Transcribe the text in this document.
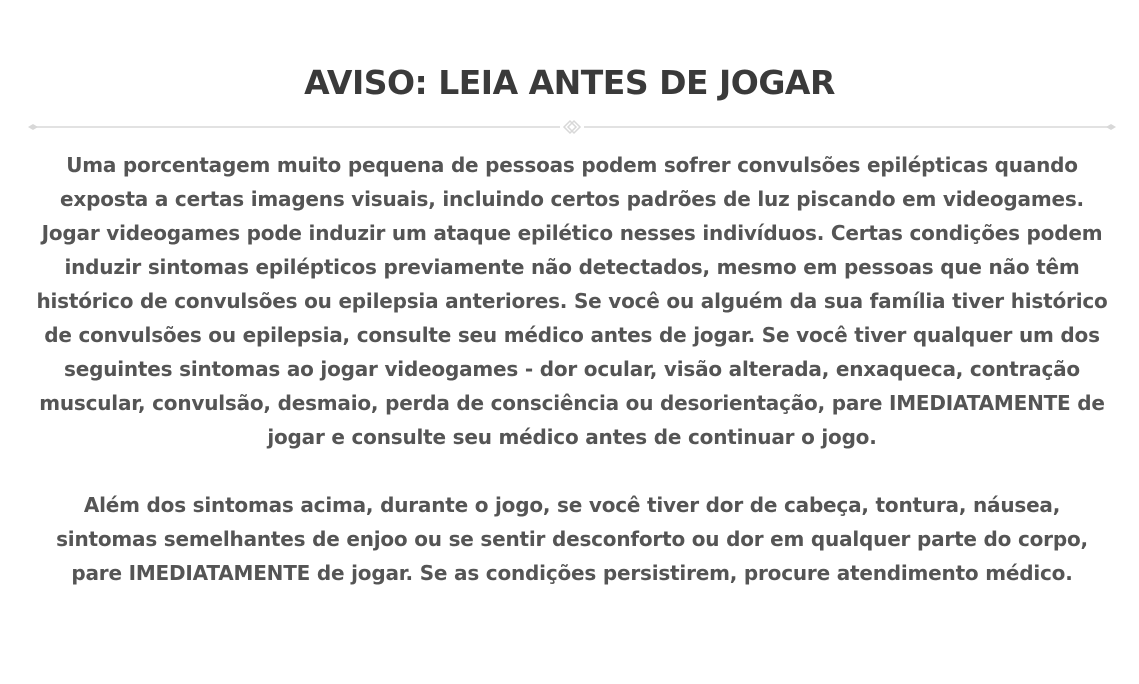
AVISO: LEIA ANTES DE JOGAR

Uma porcentagem muito pequena de pessoas podem sofrer convulsões epilépticas quando exposta a certas imagens visuais, incluindo certos padrões de luz piscando em videogames. Jogar videogames pode induzir um ataque epilético nesses indivíduos. Certas condições podem induzir sintomas epilépticos previamente não detectados, mesmo em pessoas que não têm histórico de convulsões ou epilepsia anteriores. Se você ou alguém da sua família tiver histórico de convulsões ou epilepsia, consulte seu médico antes de jogar. Se você tiver qualquer um dos seguintes sintomas ao jogar videogames - dor ocular, visão alterada, enxaqueca, contração muscular, convulsão, desmaio, perda de consciência ou desorientação, pare IMEDIATAMENTE de jogar e consulte seu médico antes de continuar o jogo.

Além dos sintomas acima, durante o jogo, se você tiver dor de cabeça, tontura, náusea, sintomas semelhantes de enjoo ou se sentir desconforto ou dor em qualquer parte do corpo, pare IMEDIATAMENTE de jogar. Se as condições persistirem, procure atendimento médico.
